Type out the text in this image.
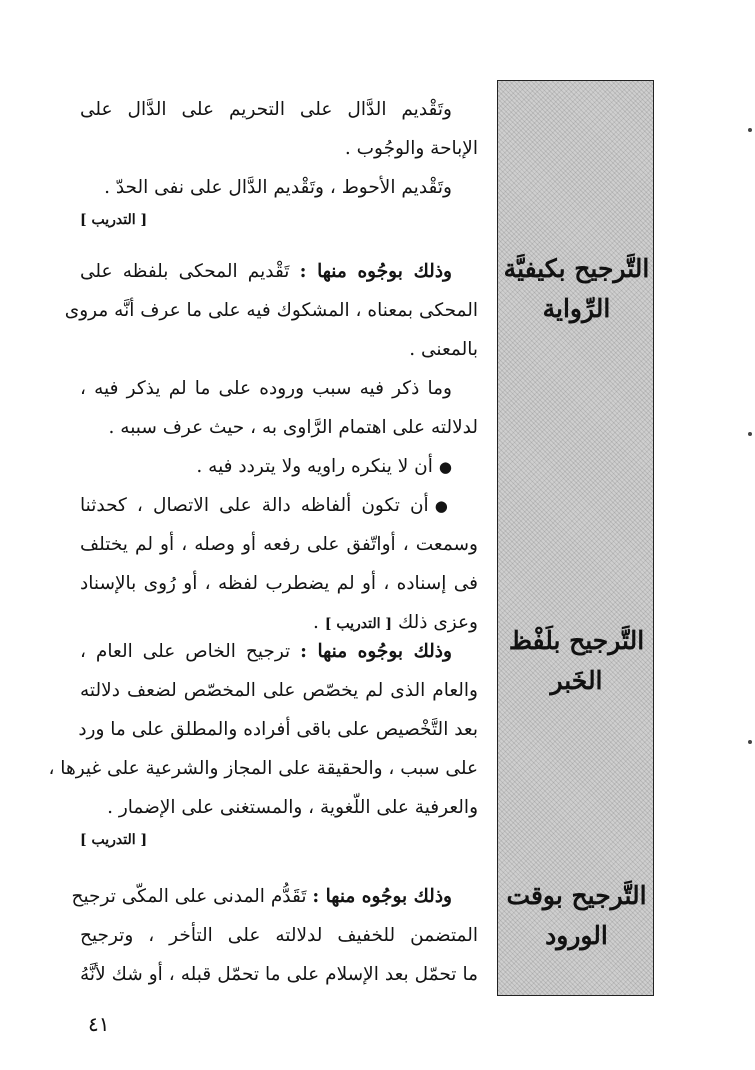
التَّرجيح بكيفيَّة
الرِّواية
التَّرجيح بلَفْظ
الخَبر
التَّرجيح بوقت
الورود
وتَقْديم الدَّال على التحريم على الدَّال على
الإباحة والوجُوب .
وتَقْديم الأحوط ، وتَقْديم الدَّال على نفى الحدّ .
[ التدريب ]
وذلك بوجُوه منها : تَقْديم المحكى بلفظه على
المحكى بمعناه ، المشكوك فيه على ما عرف أنَّه مروى
بالمعنى .
وما ذكر فيه سبب وروده على ما لم يذكر فيه ،
لدلالته على اهتمام الرَّاوى به ، حيث عرف سببه .
●أن لا ينكره راويه ولا يتردد فيه .
●أن تكون ألفاظه دالة على الاتصال ، كحدثنا
وسمعت ، أواتّفق على رفعه أو وصله ، أو لم يختلف
فى إسناده ، أو لم يضطرب لفظه ، أو رُوى بالإسناد
وعزى ذلك[ التدريب ].
وذلك بوجُوه منها : ترجيح الخاص على العام ،
والعام الذى لم يخصّص على المخصّص لضعف دلالته
بعد التَّخْصيص على باقى أفراده والمطلق على ما ورد
على سبب ، والحقيقة على المجاز والشرعية على غيرها ،
والعرفية على اللّغوية ، والمستغنى على الإضمار .
[ التدريب ]
وذلك بوجُوه منها : تَقَدُّم المدنى على المكّى ترجيح
المتضمن للخفيف لدلالته على التأخر ، وترجيح
ما تحمّل بعد الإسلام على ما تحمّل قبله ، أو شك لأنَّهُ
٤١
